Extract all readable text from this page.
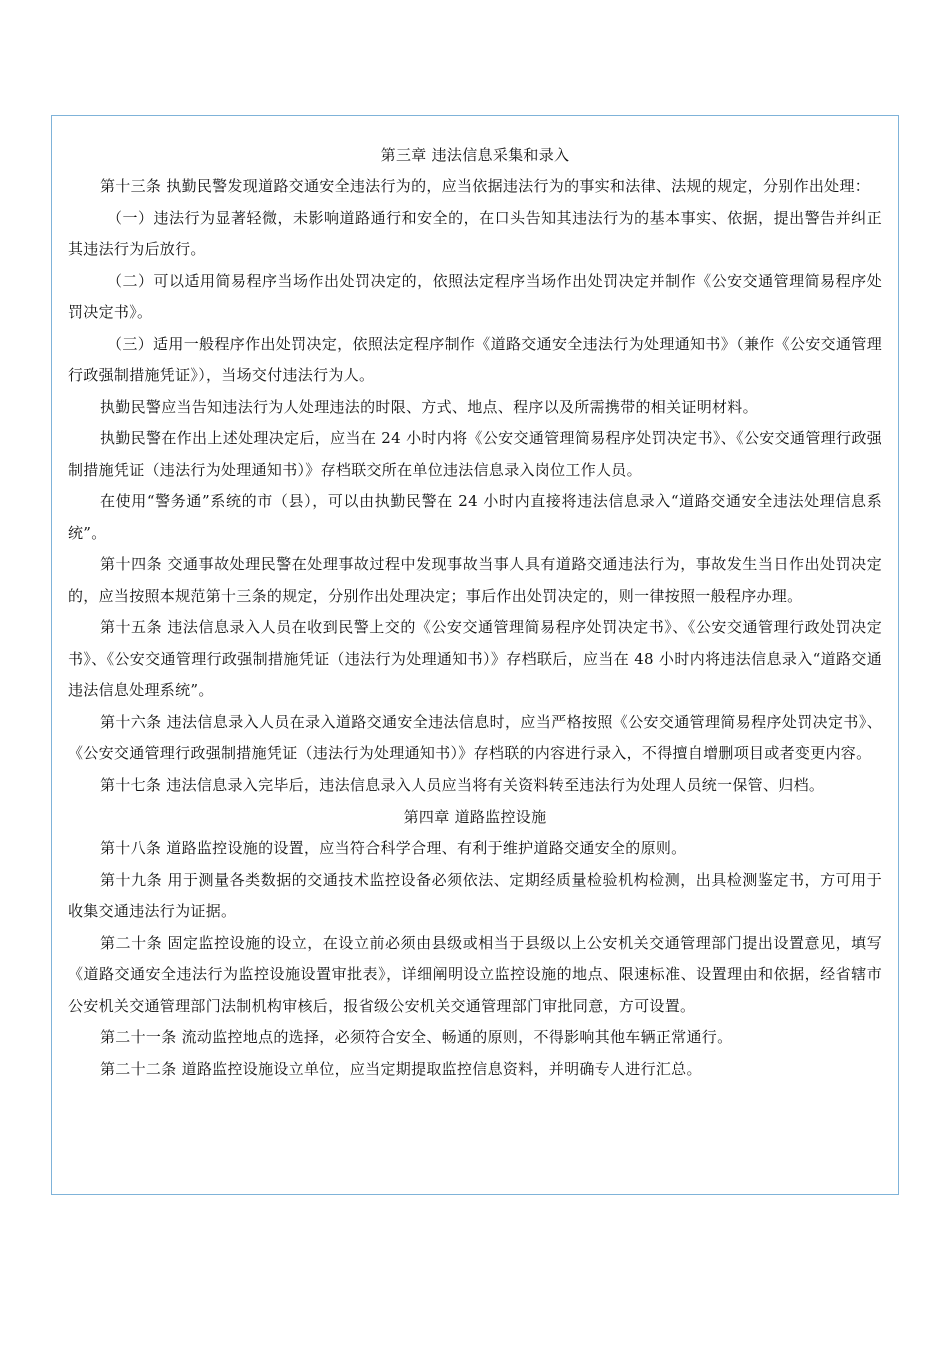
第三章 违法信息采集和录入

第十三条 执勤民警发现道路交通安全违法行为的，应当依据违法行为的事实和法律、法规的规定，分别作出处理：

（一）违法行为显著轻微，未影响道路通行和安全的，在口头告知其违法行为的基本事实、依据，提出警告并纠正其违法行为后放行。

（二）可以适用简易程序当场作出处罚决定的，依照法定程序当场作出处罚决定并制作《公安交通管理简易程序处罚决定书》。

（三）适用一般程序作出处罚决定，依照法定程序制作《道路交通安全违法行为处理通知书》（兼作《公安交通管理行政强制措施凭证》），当场交付违法行为人。

执勤民警应当告知违法行为人处理违法的时限、方式、地点、程序以及所需携带的相关证明材料。

执勤民警在作出上述处理决定后，应当在 24 小时内将《公安交通管理简易程序处罚决定书》、《公安交通管理行政强制措施凭证（违法行为处理通知书）》存档联交所在单位违法信息录入岗位工作人员。

在使用“警务通”系统的市（县），可以由执勤民警在 24 小时内直接将违法信息录入“道路交通安全违法处理信息系统”。

第十四条 交通事故处理民警在处理事故过程中发现事故当事人具有道路交通违法行为，事故发生当日作出处罚决定的，应当按照本规范第十三条的规定，分别作出处理决定；事后作出处罚决定的，则一律按照一般程序办理。

第十五条 违法信息录入人员在收到民警上交的《公安交通管理简易程序处罚决定书》、《公安交通管理行政处罚决定书》、《公安交通管理行政强制措施凭证（违法行为处理通知书）》存档联后，应当在 48 小时内将违法信息录入“道路交通违法信息处理系统”。

第十六条 违法信息录入人员在录入道路交通安全违法信息时，应当严格按照《公安交通管理简易程序处罚决定书》、《公安交通管理行政强制措施凭证（违法行为处理通知书）》存档联的内容进行录入，不得擅自增删项目或者变更内容。

第十七条 违法信息录入完毕后，违法信息录入人员应当将有关资料转至违法行为处理人员统一保管、归档。

第四章 道路监控设施

第十八条 道路监控设施的设置，应当符合科学合理、有利于维护道路交通安全的原则。

第十九条 用于测量各类数据的交通技术监控设备必须依法、定期经质量检验机构检测，出具检测鉴定书，方可用于收集交通违法行为证据。

第二十条 固定监控设施的设立，在设立前必须由县级或相当于县级以上公安机关交通管理部门提出设置意见，填写《道路交通安全违法行为监控设施设置审批表》，详细阐明设立监控设施的地点、限速标准、设置理由和依据，经省辖市公安机关交通管理部门法制机构审核后，报省级公安机关交通管理部门审批同意，方可设置。

第二十一条 流动监控地点的选择，必须符合安全、畅通的原则，不得影响其他车辆正常通行。

第二十二条 道路监控设施设立单位，应当定期提取监控信息资料，并明确专人进行汇总。
